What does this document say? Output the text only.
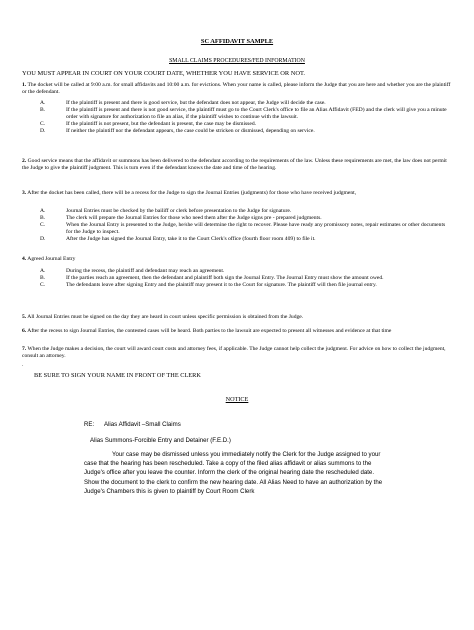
SC AFFIDAVIT SAMPLE
SMALL CLAIMS PROCEDURES/FED INFORMATION
YOU MUST APPEAR IN COURT ON YOUR COURT DATE, WHETHER YOU HAVE SERVICE OR NOT.
1. The docket will be called at 9:00 a.m. for small affidavits and 10:00 a.m. for evictions. When your name is called, please inform the Judge that you are here and whether you are the plaintiff or the defendant.
A.	If the plaintiff is present and there is good service, but the defendant does not appear, the Judge will decide the case.
B.	If the plaintiff is present and there is not good service, the plaintiff must go to the Court Clerk's office to file an Alias Affidavit (FED) and the clerk will give you a minute order with signature for authorization to file an alias, if the plaintiff wishes to continue with the lawsuit.
C.	If the plaintiff is not present, but the defendant is present, the case may be dismissed.
D.	If neither the plaintiff nor the defendant appears, the case could be stricken or dismissed, depending on service.
2. Good service means that the affidavit or summons has been delivered to the defendant according to the requirements of the law. Unless these requirements are met, the law does not permit the Judge to give the plaintiff judgment. This is turn even if the defendant knows the date and time of the hearing.
3. After the docket has been called, there will be a recess for the Judge to sign the Journal Entries (judgments) for those who have received judgment,
A.	Journal Entries must be checked by the bailiff or clerk before presentation to the Judge for signature.
B.	The clerk will prepare the Journal Entries for those who need them after the Judge signs pre - prepared judgments.
C.	When the Journal Entry is presented to the Judge, he/she will determine the right to recover. Please have ready any promissory notes, repair estimates or other documents for the Judge to inspect.
D.	After the Judge has signed the Journal Entry, take it to the Court Clerk's office (fourth floor room 409) to file it.
4. Agreed Journal Entry
A.	During the recess, the plaintiff and defendant may reach an agreement.
B.	If the parties reach an agreement, then the defendant and plaintiff both sign the Journal Entry. The Journal Entry must show the amount owed.
C.	The defendants leave after signing Entry and the plaintiff may present it to the Court for signature. The plaintiff will then file journal entry.
5. All Journal Entries must be signed on the day they are heard in court unless specific permission is obtained from the Judge.
6. After the recess to sign Journal Entries, the contested cases will be heard. Both parties to the lawsuit are expected to present all witnesses and evidence at that time
7. When the Judge makes a decision, the court will award court costs and attorney fees, if applicable. The Judge cannot help collect the judgment. For advice on how to collect the judgment, consult an attorney.
.
BE SURE TO SIGN YOUR NAME IN FRONT OF THE CLERK
NOTICE
RE: Alias Affidavit –Small Claims
Alias Summons-Forcible Entry and Detainer (F.E.D.)
Your case may be dismissed unless you immediately notify the Clerk for the Judge assigned to your case that the hearing has been rescheduled. Take a copy of the filed alias affidavit or alias summons to the Judge's office after you leave the counter. Inform the clerk of the original hearing date the rescheduled date. Show the document to the clerk to confirm the new hearing date. All Alias Need to have an authorization by the Judge's Chambers this is given to plaintiff by Court Room Clerk
